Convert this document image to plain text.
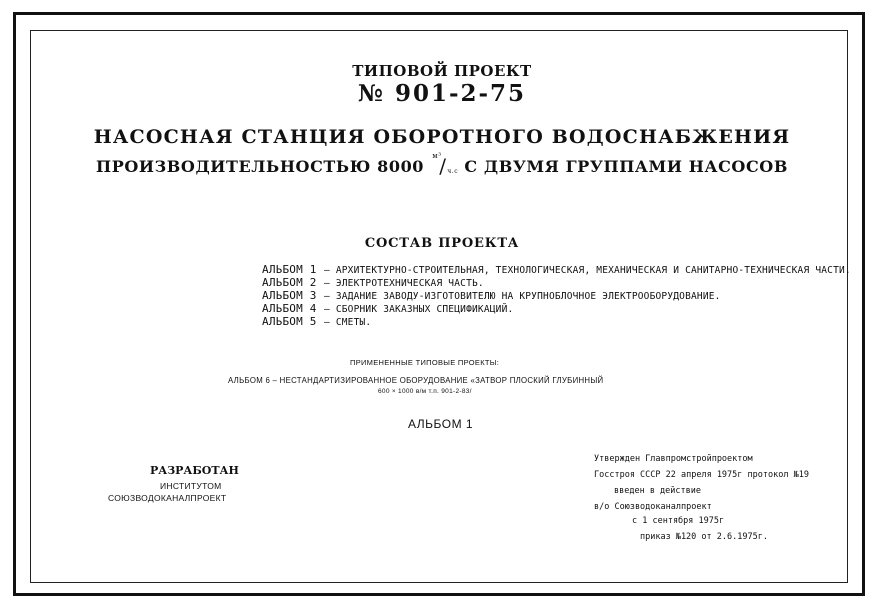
ТИПОВОЙ ПРОЕКТ
№ 901-2-75
НАСОСНАЯ СТАНЦИЯ ОБОРОТНОГО ВОДОСНАБЖЕНИЯ
ПРОИЗВОДИТЕЛЬНОСТЬЮ 8000
м³
/ ч.с С ДВУМЯ ГРУППАМИ НАСОСОВ
СОСТАВ ПРОЕКТА
АЛЬБОМ 1 – АРХИТЕКТУРНО-СТРОИТЕЛЬНАЯ, ТЕХНОЛОГИЧЕСКАЯ, МЕХАНИЧЕСКАЯ И САНИТАРНО-ТЕХНИЧЕСКАЯ ЧАСТИ.
АЛЬБОМ 2 – ЭЛЕКТРОТЕХНИЧЕСКАЯ ЧАСТЬ.
АЛЬБОМ 3 – ЗАДАНИЕ ЗАВОДУ-ИЗГОТОВИТЕЛЮ НА КРУПНОБЛОЧНОЕ ЭЛЕКТРООБОРУДОВАНИЕ.
АЛЬБОМ 4 – СБОРНИК ЗАКАЗНЫХ СПЕЦИФИКАЦИЙ.
АЛЬБОМ 5 – СМЕТЫ.
ПРИМЕНЕННЫЕ ТИПОВЫЕ ПРОЕКТЫ:
АЛЬБОМ 6 – НЕСТАНДАРТИЗИРОВАННОЕ ОБОРУДОВАНИЕ «ЗАТВОР ПЛОСКИЙ ГЛУБИННЫЙ
600 × 1000 в/м т.п. 901-2-83/
АЛЬБОМ 1
РАЗРАБОТАН
ИНСТИТУТОМ
СОЮЗВОДОКАНАЛПРОЕКТ
Утвержден Главпромстройпроектом
Госстроя СССР 22 апреля 1975г протокол №19
введен в действие
в/о Союзводоканалпроект
с 1 сентября 1975г
приказ №120 от 2.6.1975г.
